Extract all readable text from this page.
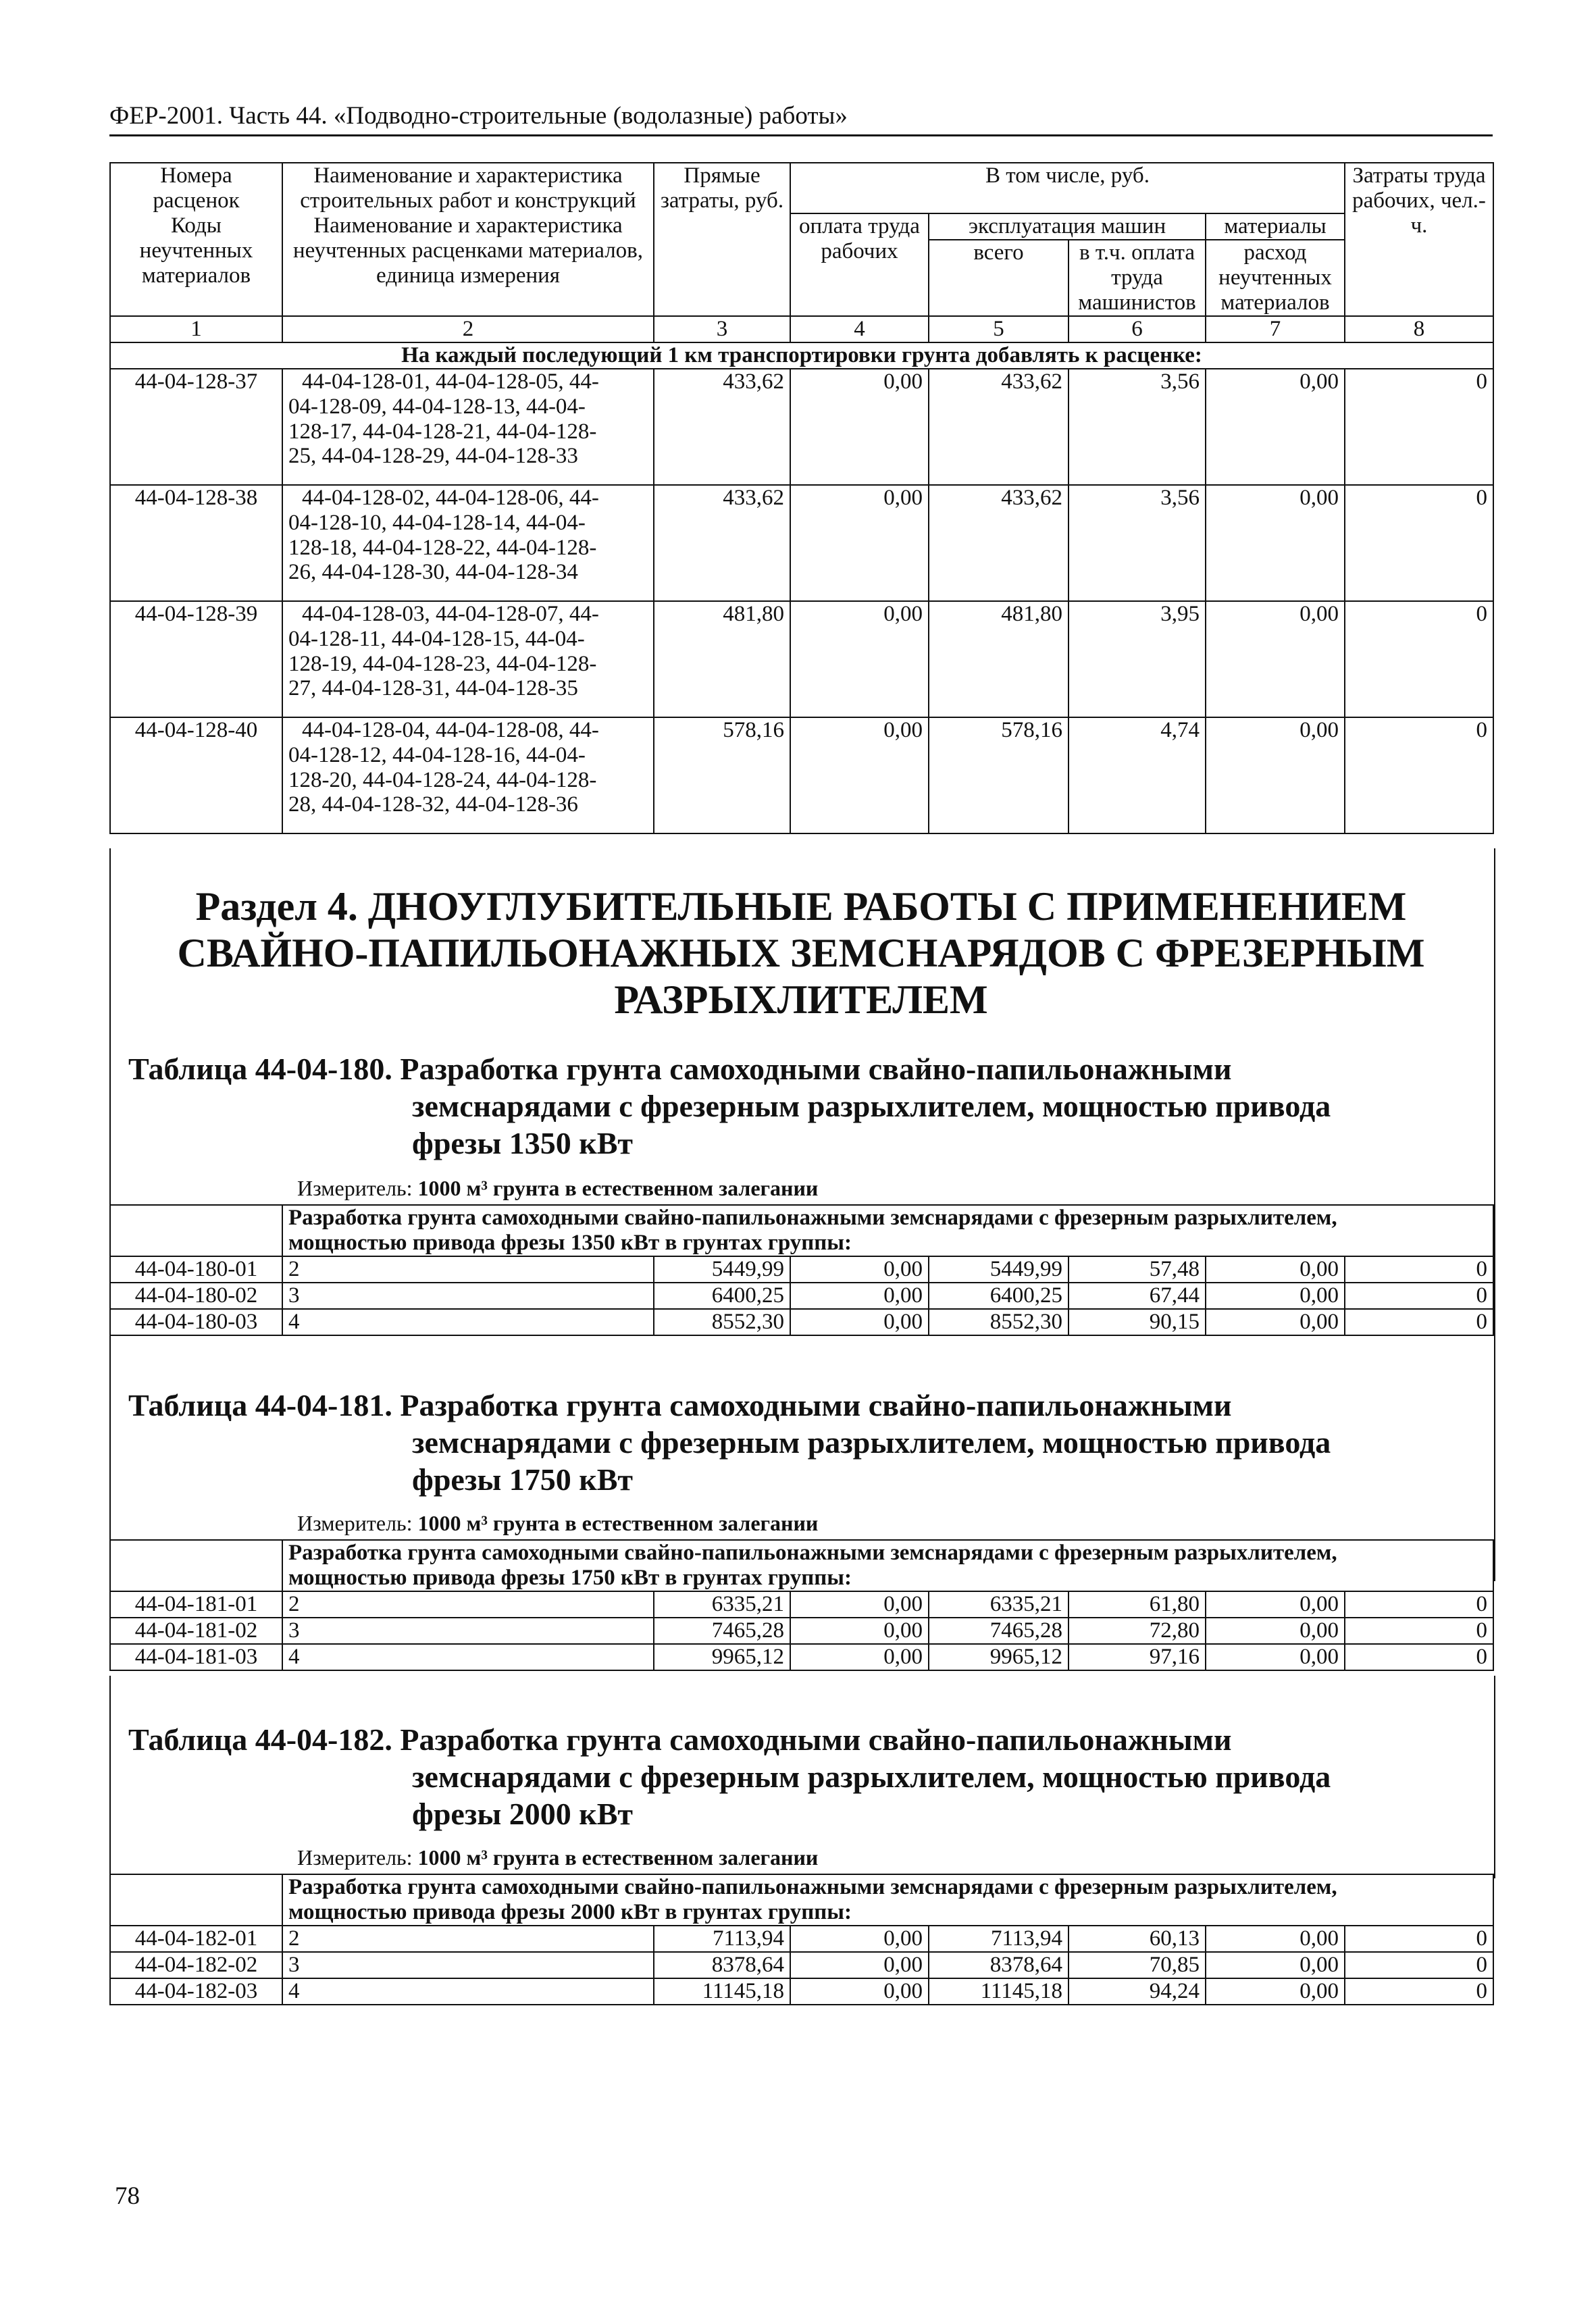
ФЕР-2001. Часть 44. «Подводно-строительные (водолазные) работы»
Номера расценок	Наименование и характеристика строительных работ и конструкций	Прямые затраты, руб.	В том числе, руб.				Затраты труда рабочих, чел.-ч.
Коды неучтенных материалов	Наименование и характеристика неучтенных расценками материалов, единица измерения		оплата труда рабочих	эксплуатация машин		материалы	
				всего	в т.ч. оплата труда машинистов	расход неучтенных материалов	
1	2	3	4	5	6	7	8
На каждый последующий 1 км транспортировки грунта добавлять к расценке:							
44-04-128-37	44-04-128-01, 44-04-128-05, 44-
04-128-09, 44-04-128-13, 44-04-
128-17, 44-04-128-21, 44-04-128-
25, 44-04-128-29, 44-04-128-33	433,62	0,00	433,62	3,56	0,00	0
44-04-128-38	44-04-128-02, 44-04-128-06, 44-
04-128-10, 44-04-128-14, 44-04-
128-18, 44-04-128-22, 44-04-128-
26, 44-04-128-30, 44-04-128-34	433,62	0,00	433,62	3,56	0,00	0
44-04-128-39	44-04-128-03, 44-04-128-07, 44-
04-128-11, 44-04-128-15, 44-04-
128-19, 44-04-128-23, 44-04-128-
27, 44-04-128-31, 44-04-128-35	481,80	0,00	481,80	3,95	0,00	0
44-04-128-40	44-04-128-04, 44-04-128-08, 44-
04-128-12, 44-04-128-16, 44-04-
128-20, 44-04-128-24, 44-04-128-
28, 44-04-128-32, 44-04-128-36	578,16	0,00	578,16	4,74	0,00	0
Раздел 4. ДНОУГЛУБИТЕЛЬНЫЕ РАБОТЫ С ПРИМЕНЕНИЕМ
СВАЙНО-ПАПИЛЬОНАЖНЫХ ЗЕМСНАРЯДОВ С ФРЕЗЕРНЫМ
РАЗРЫХЛИТЕЛЕМ
Таблица 44-04-180. Разработка грунта самоходными свайно-папильонажными
земснарядами с фрезерным разрыхлителем, мощностью привода
фрезы 1350 кВт
Измеритель: 1000 м³ грунта в естественном залегании

	Разработка грунта самоходными свайно-папильонажными земснарядами с фрезерным разрыхлителем,
мощностью привода фрезы 1350 кВт в грунтах группы:						

44-04-180-01	2	5449,99	0,00	5449,99	57,48	0,00	0
44-04-180-02	3	6400,25	0,00	6400,25	67,44	0,00	0
44-04-180-03	4	8552,30	0,00	8552,30	90,15	0,00	0
Таблица 44-04-181. Разработка грунта самоходными свайно-папильонажными
земснарядами с фрезерным разрыхлителем, мощностью привода
фрезы 1750 кВт
Измеритель: 1000 м³ грунта в естественном залегании

	Разработка грунта самоходными свайно-папильонажными земснарядами с фрезерным разрыхлителем,
мощностью привода фрезы 1750 кВт в грунтах группы:						

44-04-181-01	2	6335,21	0,00	6335,21	61,80	0,00	0
44-04-181-02	3	7465,28	0,00	7465,28	72,80	0,00	0
44-04-181-03	4	9965,12	0,00	9965,12	97,16	0,00	0
Таблица 44-04-182. Разработка грунта самоходными свайно-папильонажными
земснарядами с фрезерным разрыхлителем, мощностью привода
фрезы 2000 кВт
Измеритель: 1000 м³ грунта в естественном залегании

	Разработка грунта самоходными свайно-папильонажными земснарядами с фрезерным разрыхлителем,
мощностью привода фрезы 2000 кВт в грунтах группы:						

44-04-182-01	2	7113,94	0,00	7113,94	60,13	0,00	0
44-04-182-02	3	8378,64	0,00	8378,64	70,85	0,00	0
44-04-182-03	4	11145,18	0,00	11145,18	94,24	0,00	0
78
